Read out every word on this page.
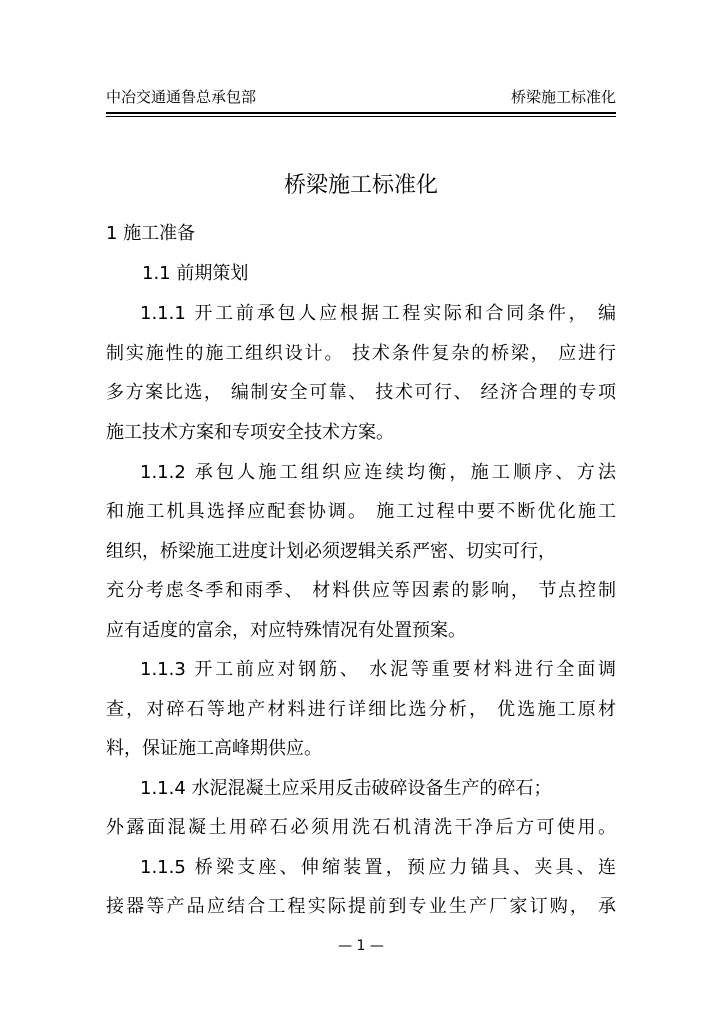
中冶交通通鲁总承包部	桥梁施工标准化
桥梁施工标准化
1 施工准备
1.1 前期策划
1.1.1 开工前承包人应根据工程实际和合同条件， 编
制实施性的施工组织设计。 技术条件复杂的桥梁， 应进行
多方案比选， 编制安全可靠、 技术可行、 经济合理的专项
施工技术方案和专项安全技术方案。
1.1.2 承包人施工组织应连续均衡，施工顺序、方法
和施工机具选择应配套协调。 施工过程中要不断优化施工
组织，桥梁施工进度计划必须逻辑关系严密、切实可行，
充分考虑冬季和雨季、 材料供应等因素的影响， 节点控制
应有适度的富余，对应特殊情况有处置预案。
1.1.3 开工前应对钢筋、 水泥等重要材料进行全面调
查，对碎石等地产材料进行详细比选分析， 优选施工原材
料，保证施工高峰期供应。
1.1.4 水泥混凝土应采用反击破碎设备生产的碎石；
外露面混凝土用碎石必须用洗石机清洗干净后方可使用。
1.1.5 桥梁支座、伸缩装置，预应力锚具、夹具、连
接器等产品应结合工程实际提前到专业生产厂家订购， 承
— 1 —
